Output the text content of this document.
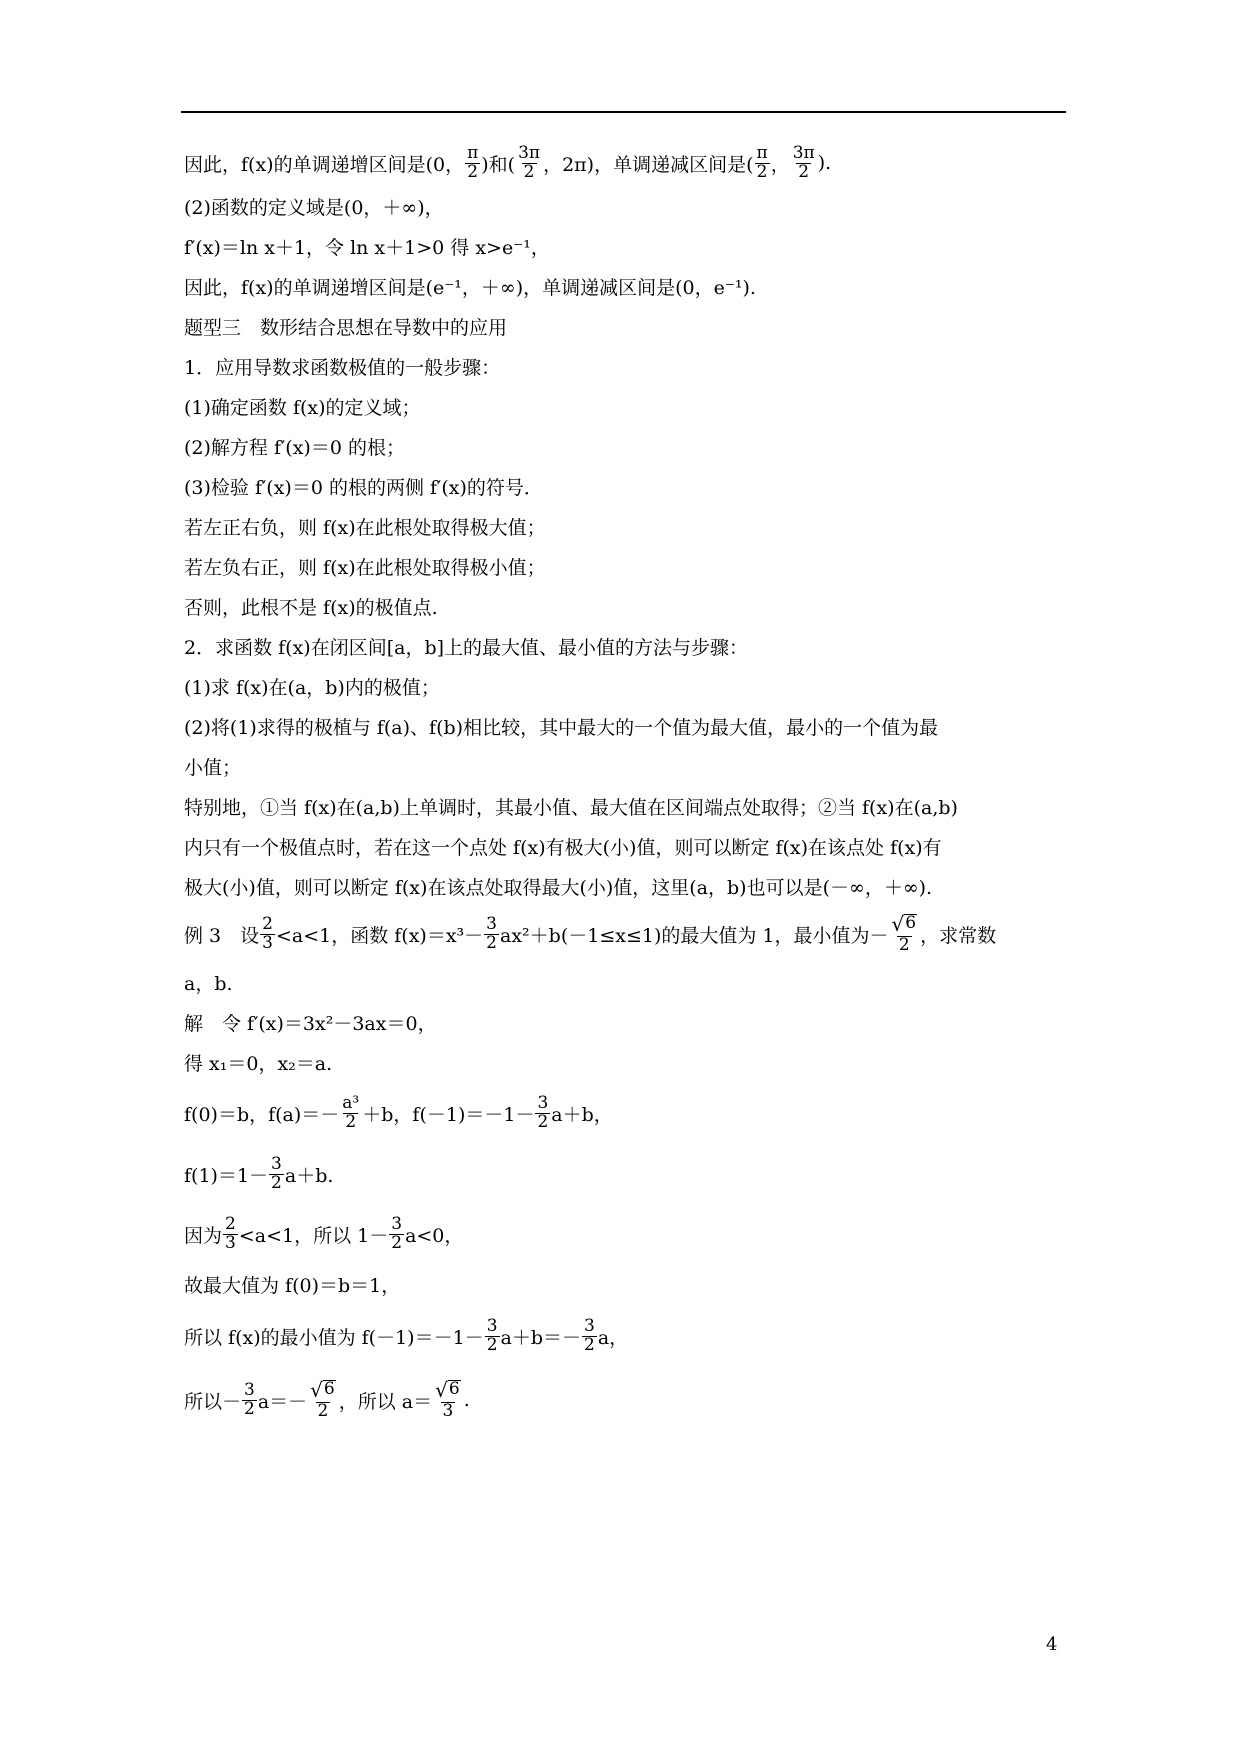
因此，f(x)的单调递增区间是(0， $\frac{\pi}{2}$ )和( $\frac{3\pi}{2}$ ，2π)，单调递减区间是( $\frac{\pi}{2}$ ， $\frac{3\pi}{2}$ ).
(2)函数的定义域是(0，＋∞)，
f′(x)＝ln x＋1，令 ln x＋1>0 得 x>e⁻¹，
因此，f(x)的单调递增区间是(e⁻¹，＋∞)，单调递减区间是(0，e⁻¹).
题型三　数形结合思想在导数中的应用
1．应用导数求函数极值的一般步骤：
(1)确定函数 f(x)的定义域；
(2)解方程 f′(x)＝0 的根；
(3)检验 f′(x)＝0 的根的两侧 f′(x)的符号．
若左正右负，则 f(x)在此根处取得极大值；
若左负右正，则 f(x)在此根处取得极小值；
否则，此根不是 f(x)的极值点.
2．求函数 f(x)在闭区间[a，b]上的最大值、最小值的方法与步骤：
(1)求 f(x)在(a，b)内的极值；
(2)将(1)求得的极植与 f(a)、f(b)相比较，其中最大的一个值为最大值，最小的一个值为最
小值；
特别地，①当 f(x)在(a,b)上单调时，其最小值、最大值在区间端点处取得；②当 f(x)在(a,b)
内只有一个极值点时，若在这一个点处 f(x)有极大(小)值，则可以断定 f(x)在该点处 f(x)有
极大(小)值，则可以断定 f(x)在该点处取得最大(小)值，这里(a，b)也可以是(－∞，＋∞).
例 3　设 $\frac{2}{3} <a<1$，函数 $f(x)=x^3- \frac{3}{2} ax^2+b(-1\le x\le 1)$的最大值为 1，最小值为－ $\frac{√ 6}{2}$ ，求常数
a，b.
解　令 f′(x)＝3x²－3ax＝0，
得 x₁＝0，x₂＝a.
f(0)＝b，$f(a)=- \frac{\text{a³}}{2} +b$，$f(-1)=-1- \frac{3}{2} a+b$，
$f(1)=1- \frac{3}{2} a+b$.
因为 $\frac{2}{3} <a<1$，所以 $1- \frac{3}{2} a<0$，
故最大值为 f(0)＝b＝1，
所以 f(x)的最小值为 $f(-1)=-1- \frac{3}{2} a+b=- \frac{3}{2}$ a，
所以－ $\frac{3}{2} a=- \frac{√ 6}{2}$ ，所以 $a= \frac{√ 6}{3}$ .
4
